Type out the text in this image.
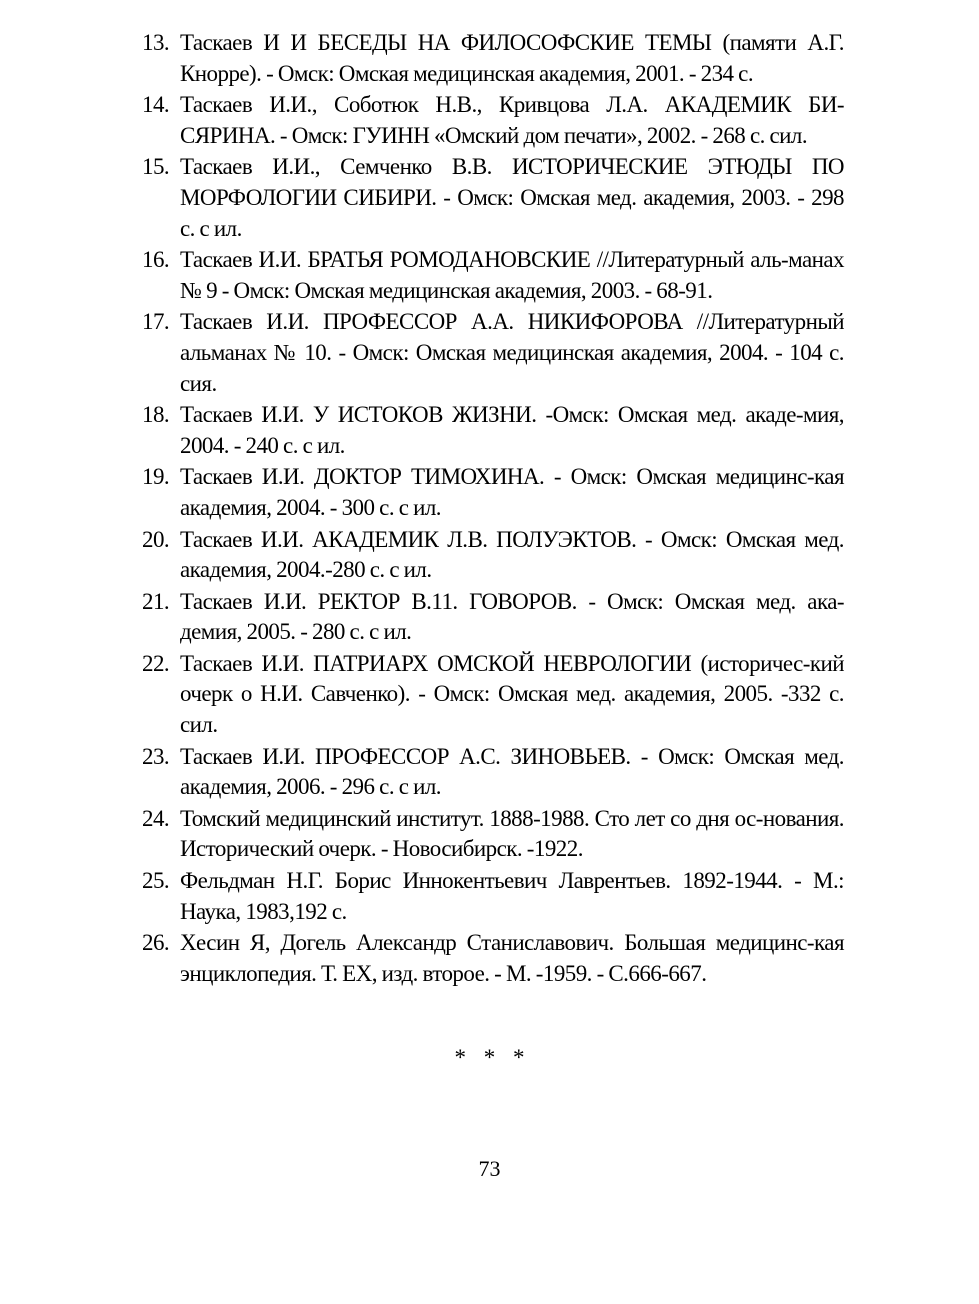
13. Таскаев И И БЕСЕДЫ НА ФИЛОСОФСКИЕ ТЕМЫ (памяти А.Г. Кнорре). - Омск: Омская медицинская академия, 2001. - 234 с.
14. Таскаев И.И., Соботюк Н.В., Кривцова Л.А. АКАДЕМИК БИ-СЯРИНА. - Омск: ГУИНН «Омский дом печати», 2002. - 268 с. сил.
15. Таскаев И.И., Семченко В.В. ИСТОРИЧЕСКИЕ ЭТЮДЫ ПО МОРФОЛОГИИ СИБИРИ. - Омск: Омская мед. академия, 2003. - 298 с. с ил.
16. Таскаев И.И. БРАТЬЯ РОМОДАНОВСКИЕ //Литературный аль-манах № 9 - Омск: Омская медицинская академия, 2003. - 68-91.
17. Таскаев И.И. ПРОФЕССОР А.А. НИКИФОРОВА //Литературный альманах № 10. - Омск: Омская медицинская академия, 2004. - 104 с. сия.
18. Таскаев И.И. У ИСТОКОВ ЖИЗНИ. -Омск: Омская мед. акаде-мия, 2004. - 240 с. с ил.
19. Таскаев И.И. ДОКТОР ТИМОХИНА. - Омск: Омская медицинс-кая академия, 2004. - 300 с. с ил.
20. Таскаев И.И. АКАДЕМИК Л.В. ПОЛУЭКТОВ. - Омск: Омская мед. академия, 2004.-280 с. с ил.
21. Таскаев И.И. РЕКТОР В.11. ГОВОРОВ. - Омск: Омская мед. ака-демия, 2005. - 280 с. с ил.
22. Таскаев И.И. ПАТРИАРХ ОМСКОЙ НЕВРОЛОГИИ (историчес-кий очерк о Н.И. Савченко). - Омск: Омская мед. академия, 2005. -332 с. сил.
23. Таскаев И.И. ПРОФЕССОР А.С. ЗИНОВЬЕВ. - Омск: Омская мед. академия, 2006. - 296 с. с ил.
24. Томский медицинский институт. 1888-1988. Сто лет со дня ос-нования. Исторический очерк. - Новосибирск. -1922.
25. Фельдман Н.Г. Борис Иннокентьевич Лаврентьев. 1892-1944. - М.: Наука, 1983,192 с.
26. Хесин Я, Догель Александр Станиславович. Большая медицинс-кая энциклопедия. Т. ЕХ, изд. второе. - М. -1959. - С.666-667.
* * *
73
